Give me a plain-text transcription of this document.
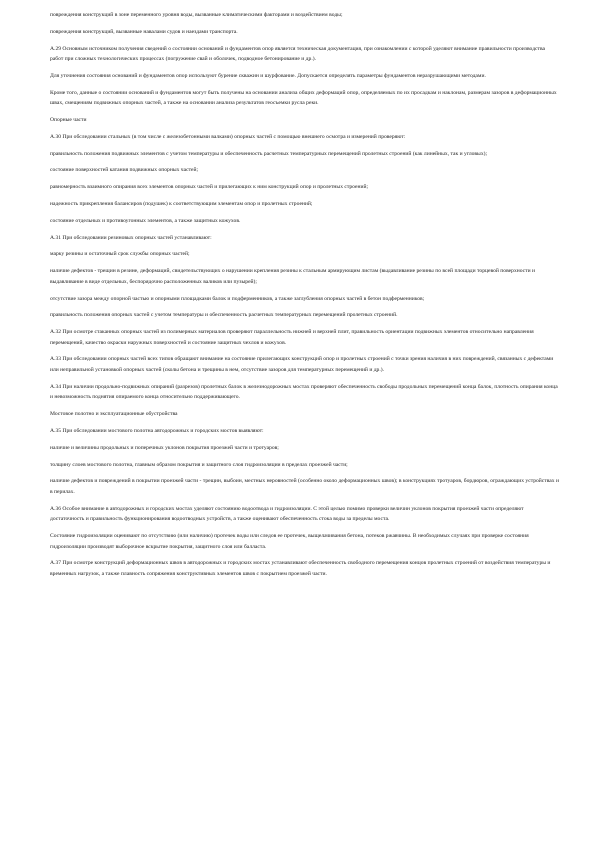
повреждения конструкций в зоне переменного уровня воды, вызванные климатическими факторами и воздействием воды;

повреждения конструкций, вызванные навалами судов и наездами транспорта.

А.29 Основным источником получения сведений о состоянии оснований и фундаментов опор является техническая документация, при ознакомлении с которой уделяют внимание правильности производства работ при сложных технологических процессах (погружение свай и оболочек, подводное бетонирование и др.).

Для уточнения состояния оснований и фундаментов опор используют бурение скважин и шурфование. Допускается определять параметры фундаментов неразрушающими методами.

Кроме того, данные о состоянии оснований и фундаментов могут быть получены на основании анализа общих деформаций опор, определяемых по их просадкам и наклонам, размерам зазоров в деформационных швах, смещениям подвижных опорных частей, а также на основании анализа результатов геосъемки русла реки.

Опорные части

А.30 При обследовании стальных (в том числе с железобетонными валками) опорных частей с помощью внешнего осмотра и измерений проверяют:

правильность положения подвижных элементов с учетом температуры и обеспеченность расчетных температурных перемещений пролетных строений (как линейных, так и угловых);

состояние поверхностей катания подвижных опорных частей;

равномерность взаимного опирания всех элементов опорных частей и прилегающих к ним конструкций опор и пролетных строений;

надежность прикрепления балансиров (подушек) к соответствующим элементам опор и пролетных строений;

состояние отдельных и противоугонных элементов, а также защитных кожухов.

А.31 При обследовании резиновых опорных частей устанавливают:

марку резины и остаточный срок службы опорных частей;

наличие дефектов - трещин в резине, деформаций, свидетельствующих о нарушении крепления резины к стальным армирующим листам (выдавливание резины по всей площади торцевой поверхности и выдавливание в виде отдельных, беспорядочно расположенных валиков или пузырей);

отсутствие зазора между опорной частью и опорными площадками балок и подферменников, а также заглубления опорных частей в бетон подферменников;

правильность положения опорных частей с учетом температуры и обеспеченность расчетных температурных перемещений пролетных строений.

А.32 При осмотре стаканных опорных частей из полимерных материалов проверяют параллельность нижней и верхней плит, правильность ориентации подвижных элементов относительно направления перемещений, качество окраски наружных поверхностей и состояние защитных чехлов и кожухов.

А.33 При обследовании опорных частей всех типов обращают внимание на состояние прилегающих конструкций опор и пролетных строений с точки зрения наличия в них повреждений, связанных с дефектами или неправильной установкой опорных частей (сколы бетона и трещины в нем, отсутствие зазоров для температурных перемещений и др.).

А.34 При наличии продольно-подвижных опираний (разрезов) пролетных балок в железнодорожных мостах проверяют обеспеченность свободы продольных перемещений конца балок, плотность опирания конца и невозможность поднятия опираемого конца относительно поддерживающего.

Мостовое полотно и эксплуатационные обустройства

А.35 При обследовании мостового полотна автодорожных и городских мостов выявляют:

наличие и величины продольных и поперечных уклонов покрытия проезжей части и тротуаров;

толщину слоев мостового полотна, главным образом покрытия и защитного слоя гидроизоляции в пределах проезжей части;

наличие дефектов и повреждений в покрытии проезжей части - трещин, выбоин, местных неровностей (особенно около деформационных швов); в конструкциях тротуаров, бордюров, ограждающих устройствах и в перилах.

А.36 Особое внимание в автодорожных и городских мостах уделяют состоянию водоотвода и гидроизоляции. С этой целью помимо проверки величин уклонов покрытия проезжей части определяют достаточность и правильность функционирования водоотводных устройств, а также оценивают обеспеченность стока воды за пределы моста.

Состояние гидроизоляции оценивают по отсутствию (или наличию) протечек воды или следов ее протечек, выщелачивания бетона, потеков ржавчины. В необходимых случаях при проверке состояния гидроизоляции производят выборочное вскрытие покрытия, защитного слоя или балласта.

А.37 При осмотре конструкций деформационных швов в автодорожных и городских мостах устанавливают обеспеченность свободного перемещения концов пролетных строений от воздействия температуры и временных нагрузок, а также плавность сопряжения конструктивных элементов швов с покрытием проезжей части.
